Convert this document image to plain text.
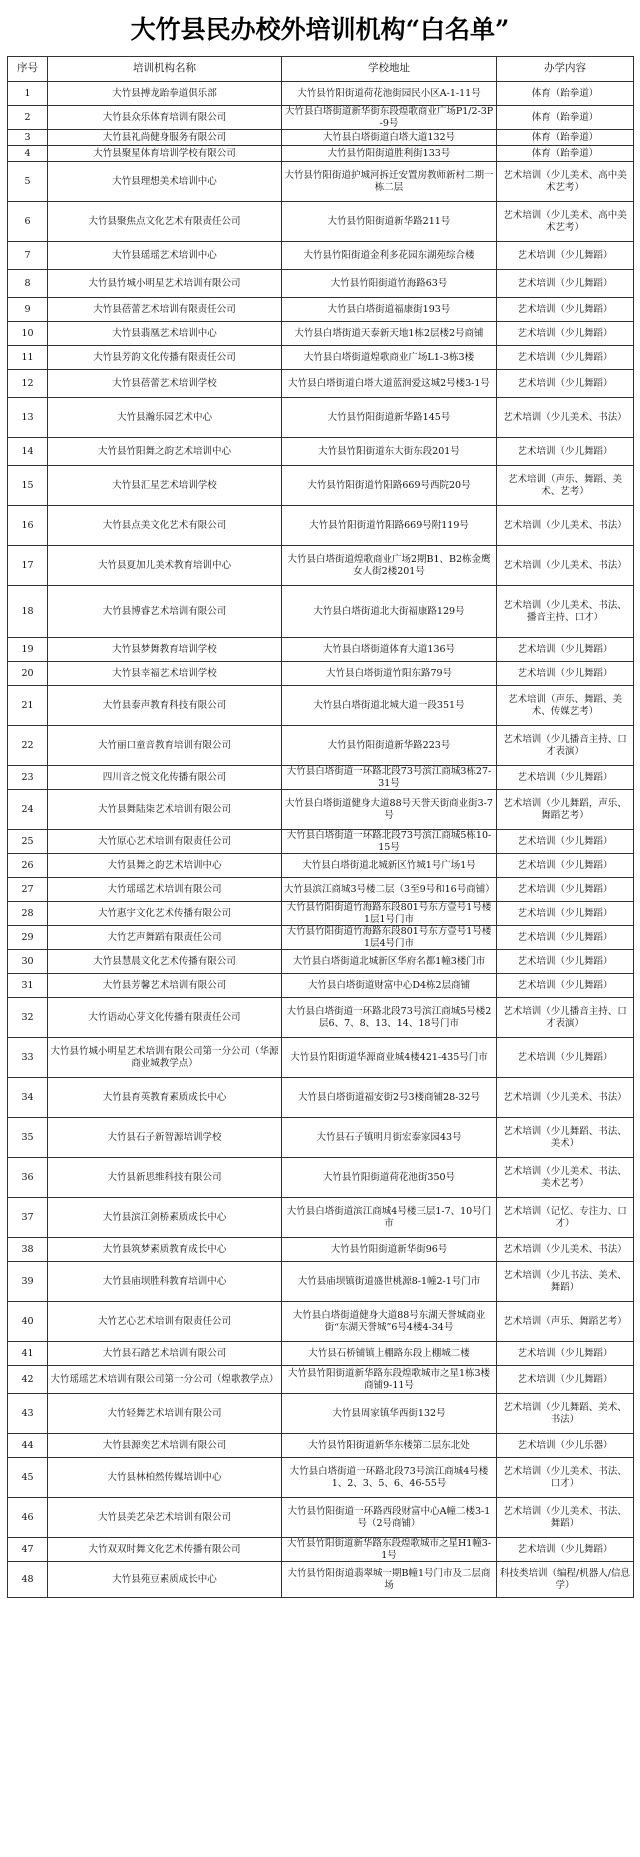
大竹县民办校外培训机构“白名单”
序号	培训机构名称	学校地址	办学内容
1	大竹县搏龙跆拳道俱乐部	大竹县竹阳街道荷花池街园民小区A-1-11号	体育（跆拳道）
2	大竹县众乐体育培训有限公司	大竹县白塔街道新华街东段煌歌商业广场P1/2-3P-9号	体育（跆拳道）
3	大竹县礼尚健身服务有限公司	大竹县白塔街道白塔大道132号	体育（跆拳道）
4	大竹县聚星体育培训学校有限公司	大竹县竹阳街道胜利街133号	体育（跆拳道）
5	大竹县理想美术培训中心	大竹县竹阳街道护城河拆迁安置房教师新村二期一栋二层	艺术培训（少儿美术、高中美术艺考）
6	大竹县聚焦点文化艺术有限责任公司	大竹县竹阳街道新华路211号	艺术培训（少儿美术、高中美术艺考）
7	大竹县瑶瑶艺术培训中心	大竹县竹阳街道金利多花园东湖苑综合楼	艺术培训（少儿舞蹈）
8	大竹县竹城小明星艺术培训有限公司	大竹县竹阳街道竹海路63号	艺术培训（少儿舞蹈）
9	大竹县蓓蕾艺术培训有限责任公司	大竹县白塔街道福康街193号	艺术培训（少儿舞蹈）
10	大竹县翡凰艺术培训中心	大竹县白塔街道天泰新天地1栋2层楼2号商铺	艺术培训（少儿舞蹈）
11	大竹县芳韵文化传播有限责任公司	大竹县白塔街道煌歌商业广场L1-3栋3楼	艺术培训（少儿舞蹈）
12	大竹县蓓蕾艺术培训学校	大竹县白塔街道白塔大道蓝润爱这城2号楼3-1号	艺术培训（少儿舞蹈）
13	大竹县瀚乐园艺术中心	大竹县竹阳街道新华路145号	艺术培训（少儿美术、书法）
14	大竹县竹阳舞之韵艺术培训中心	大竹县竹阳街道东大街东段201号	艺术培训（少儿舞蹈）
15	大竹县汇星艺术培训学校	大竹县竹阳街道竹阳路669号西院20号	艺术培训（声乐、舞蹈、美术、艺考）
16	大竹县点美文化艺术有限公司	大竹县竹阳街道竹阳路669号附119号	艺术培训（少儿美术、书法）
17	大竹县夏加儿美术教育培训中心	大竹县白塔街道煌歌商业广场2期B1、B2栋金鹰女人街2楼201号	艺术培训（少儿美术、书法）
18	大竹县博睿艺术培训有限公司	大竹县白塔街道北大街福康路129号	艺术培训（少儿美术、书法、播音主持、口才）
19	大竹县梦舞教育培训学校	大竹县白塔街道体育大道136号	艺术培训（少儿舞蹈）
20	大竹县幸福艺术培训学校	大竹县白塔街道竹阳东路79号	艺术培训（少儿舞蹈）
21	大竹县泰声教育科技有限公司	大竹县白塔街道北城大道一段351号	艺术培训（声乐、舞蹈、美术、传媒艺考）
22	大竹丽口童音教育培训有限公司	大竹县竹阳街道新华路223号	艺术培训（少儿播音主持、口才表演）
23	四川音之悦文化传播有限公司	大竹县白塔街道一环路北段73号滨江商城3栋27-31号	艺术培训（少儿舞蹈）
24	大竹县舞陆柒艺术培训有限公司	大竹县白塔街道健身大道88号天誉天街商业街3-7号	艺术培训（少儿舞蹈，声乐、舞蹈艺考）
25	大竹原心艺术培训有限责任公司	大竹县白塔街道一环路北段73号滨江商城5栋10-15号	艺术培训（少儿舞蹈）
26	大竹县舞之韵艺术培训中心	大竹县白塔街道北城新区竹城1号广场1号	艺术培训（少儿舞蹈）
27	大竹瑶瑶艺术培训有限公司	大竹县滨江商城3号楼二层（3至9号和16号商铺）	艺术培训（少儿舞蹈）
28	大竹惠宇文化艺术传播有限公司	大竹县竹阳街道竹海路东段801号东方壹号1号楼1层1号门市	艺术培训（少儿舞蹈）
29	大竹艺声舞蹈有限责任公司	大竹县竹阳街道竹海路东段801号东方壹号1号楼1层4号门市	艺术培训（少儿舞蹈）
30	大竹县慧晨文化艺术传播有限公司	大竹县白塔街道北城新区华府名都1幢3楼门市	艺术培训（少儿舞蹈）
31	大竹县芳馨艺术培训有限公司	大竹县白塔街道财富中心D4栋2层商铺	艺术培训（少儿舞蹈）
32	大竹语动心芽文化传播有限责任公司	大竹县白塔街道一环路北段73号滨江商城5号楼2层6、7、8、13、14、18号门市	艺术培训（少儿播音主持、口才表演）
33	大竹县竹城小明星艺术培训有限公司第一分公司（华源商业城教学点）	大竹县竹阳街道华源商业城4楼421-435号门市	艺术培训（少儿舞蹈）
34	大竹县育英教育素质成长中心	大竹县白塔街道福安街2号3楼商铺28-32号	艺术培训（少儿美术、书法）
35	大竹县石子新智源培训学校	大竹县石子镇明月街宏泰家园43号	艺术培训（少儿舞蹈、书法、美术）
36	大竹县新思维科技有限公司	大竹县竹阳街道荷花池街350号	艺术培训（少儿美术、书法、美术艺考）
37	大竹县滨江剑桥素质成长中心	大竹县白塔街道滨江商城4号楼三层1-7、10号门市	艺术培训（记忆、专注力、口才）
38	大竹县筑梦素质教育成长中心	大竹县竹阳街道新华街96号	艺术培训（少儿美术、书法）
39	大竹县庙坝胜科教育培训中心	大竹县庙坝镇街道盛世桃源8-1幢2-1号门市	艺术培训（少儿书法、美术、舞蹈）
40	大竹艺心艺术培训有限责任公司	大竹县白塔街道健身大道88号东湖天誉城商业街“东湖天誉城”6号4楼4-34号	艺术培训（声乐、舞蹈艺考）
41	大竹县石踏艺术培训有限公司	大竹县石桥铺镇上棚路东段上棚城二楼	艺术培训（少儿舞蹈）
42	大竹瑶瑶艺术培训有限公司第一分公司（煌歌教学点）	大竹县竹阳街道新华路东段煌歌城市之星1栋3楼商铺9-11号	艺术培训（少儿舞蹈）
43	大竹轻舞艺术培训有限公司	大竹县周家镇华西街132号	艺术培训（少儿舞蹈、美术、书法）
44	大竹县源奕艺术培训有限公司	大竹县竹阳街道新华东楼第二层东北处	艺术培训（少儿乐器）
45	大竹县林柏然传媒培训中心	大竹县白塔街道一环路北段73号滨江商城4号楼1、2、3、5、6、46-55号	艺术培训（少儿美术、书法、口才）
46	大竹县美艺朵艺术培训有限公司	大竹县竹阳街道一环路西段财富中心A幢二楼3-1号（2号商铺）	艺术培训（少儿美术、书法、舞蹈）
47	大竹双双时舞文化艺术传播有限公司	大竹县竹阳街道新华路东段煌歌城市之星H1幢3-1号	艺术培训（少儿舞蹈）
48	大竹县苑豆素质成长中心	大竹县竹阳街道翡翠城一期B幢1号门市及二层商场	科技类培训（编程/机器人/信息学）
